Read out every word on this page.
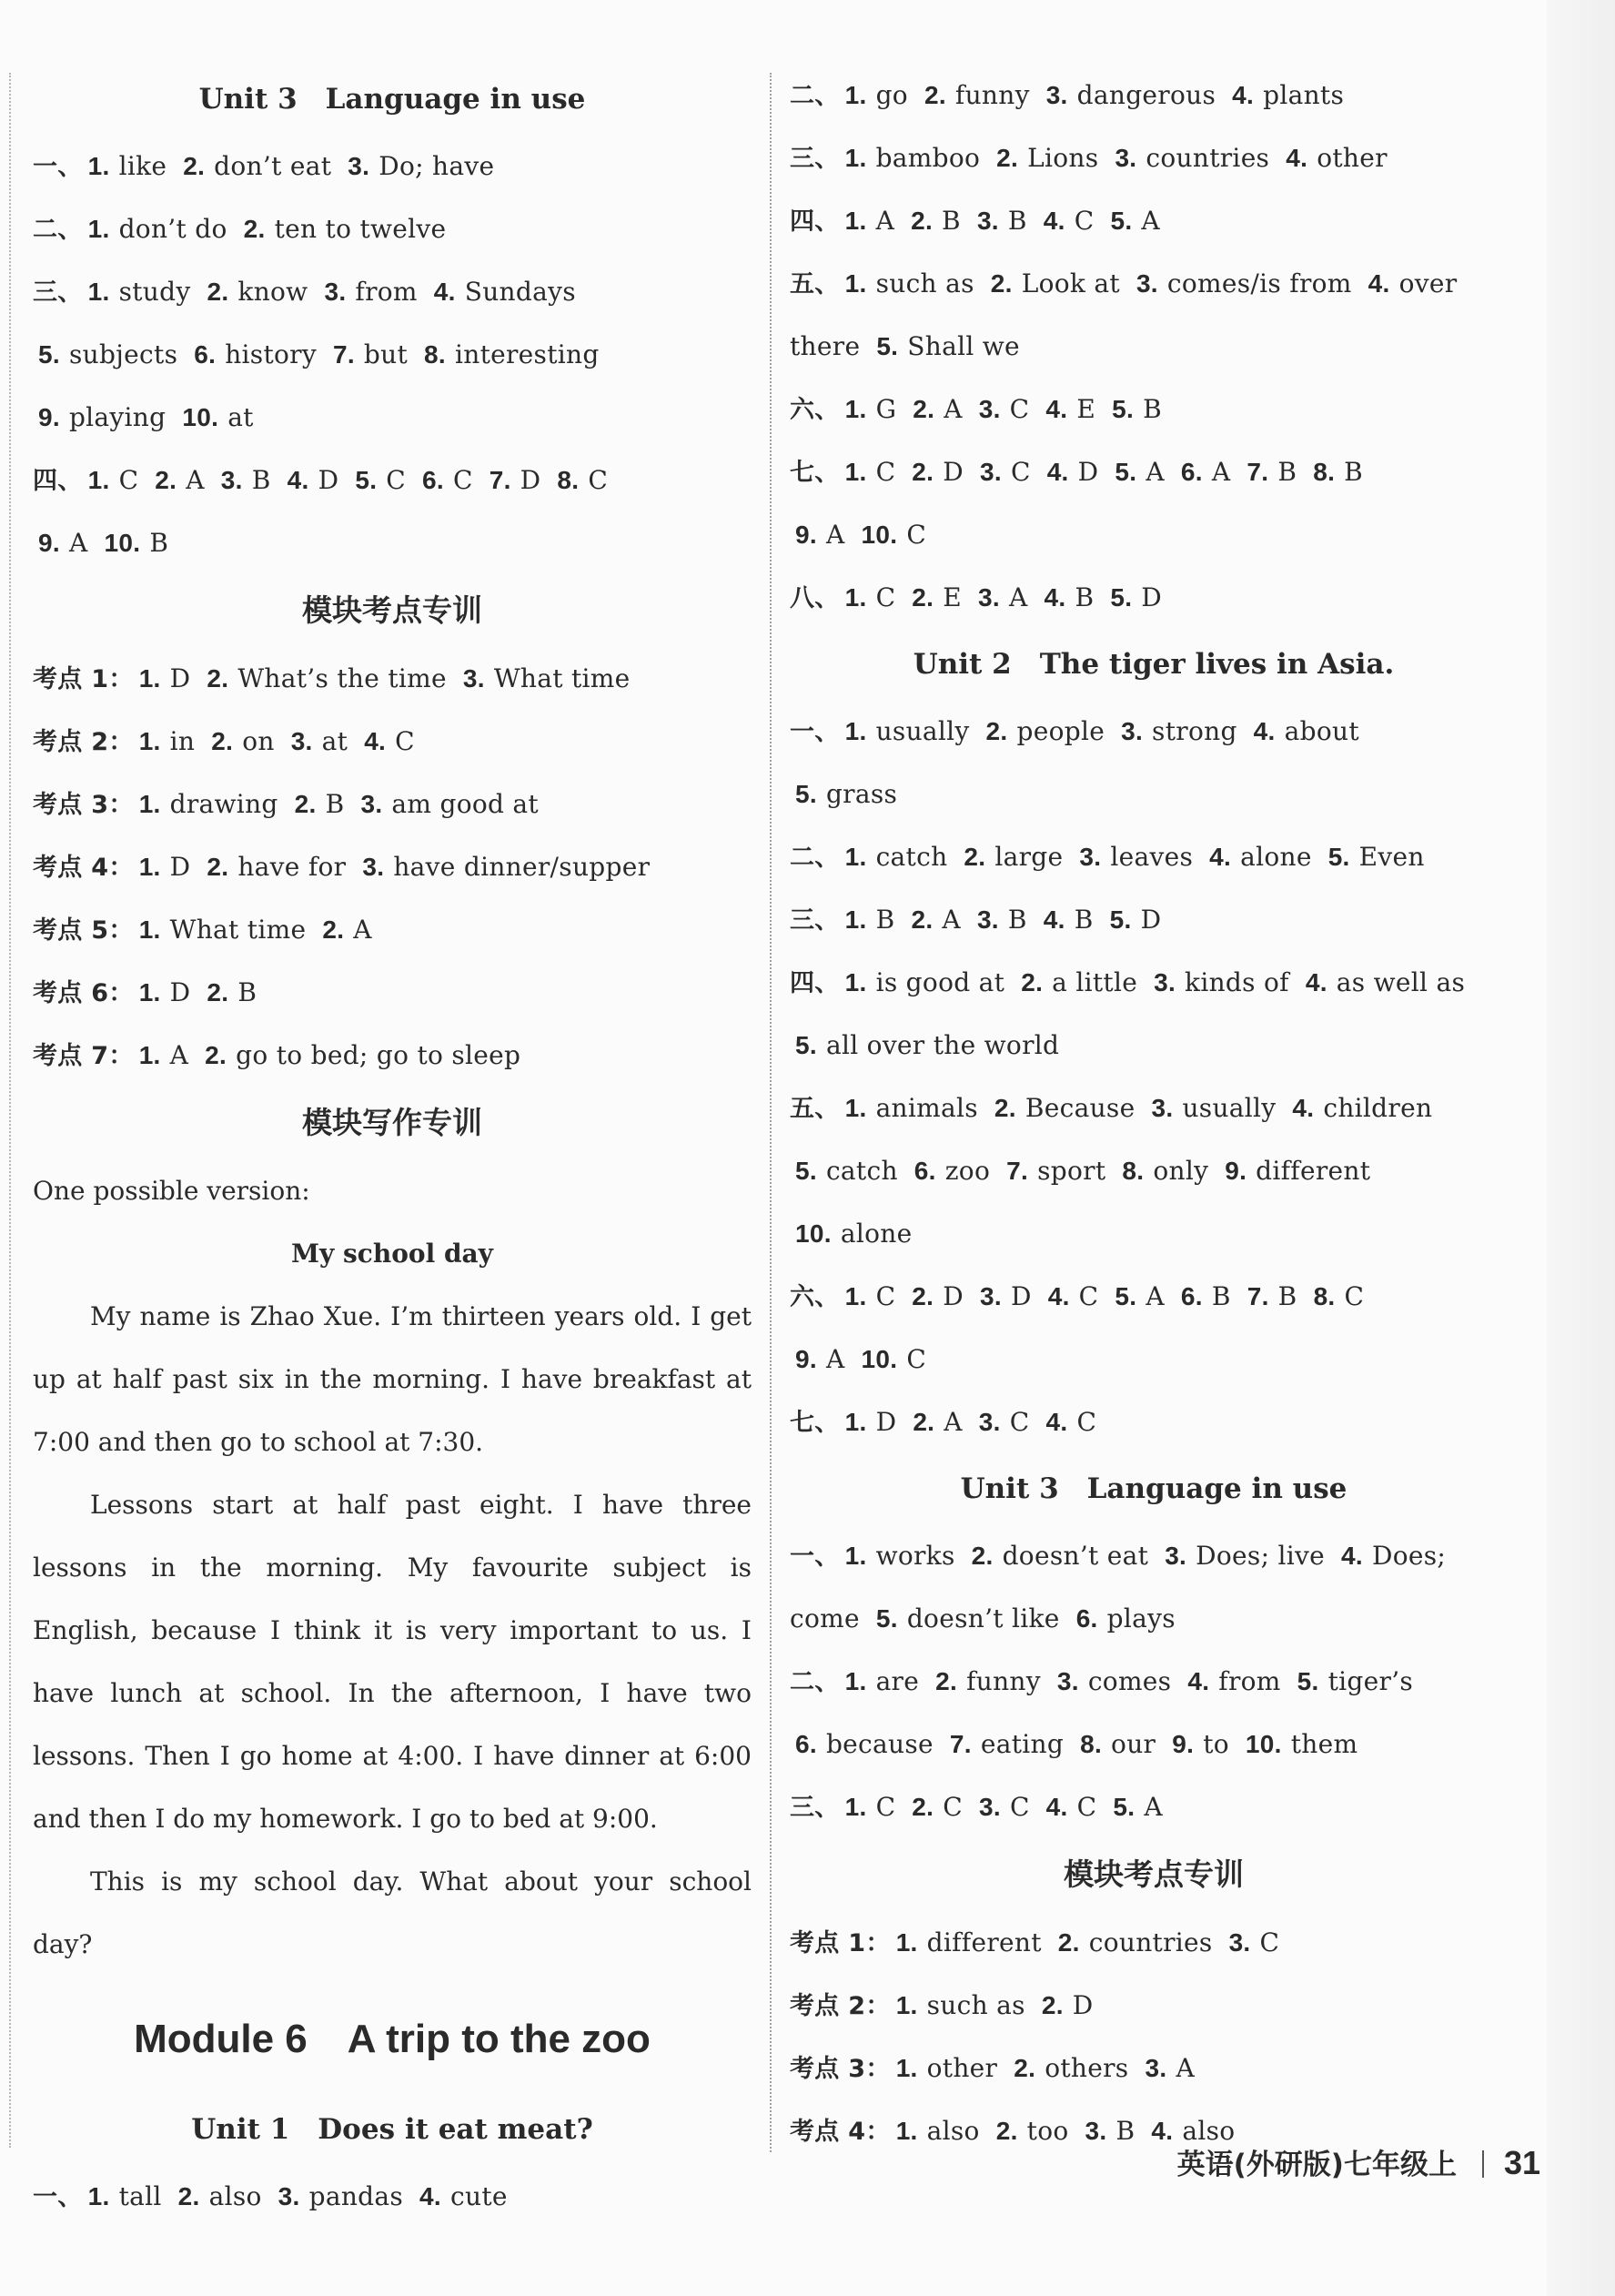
Unit 3　Language in use
一、 1. like 2. don’t eat 3. Do; have
二、 1. don’t do 2. ten to twelve
三、 1. study 2. know 3. from 4. Sundays
5. subjects 6. history 7. but 8. interesting
9. playing 10. at
四、 1. C 2. A 3. B 4. D 5. C 6. C 7. D 8. C
9. A 10. B
模块考点专训
考点 1： 1. D 2. What’s the time 3. What time
考点 2： 1. in 2. on 3. at 4. C
考点 3： 1. drawing 2. B 3. am good at
考点 4： 1. D 2. have for 3. have dinner/supper
考点 5： 1. What time 2. A
考点 6： 1. D 2. B
考点 7： 1. A 2. go to bed; go to sleep
模块写作专训
One possible version:
My school day

My name is Zhao Xue. I’m thirteen years old. I get up at half past six in the morning. I have breakfast at 7:00 and then go to school at 7:30.

Lessons start at half past eight. I have three lessons in the morning. My favourite subject is English, because I think it is very important to us. I have lunch at school. In the afternoon, I have two lessons. Then I go home at 4:00. I have dinner at 6:00 and then I do my homework. I go to bed at 9:00.

This is my school day. What about your school day?

Module 6　A trip to the zoo
Unit 1　Does it eat meat?
一、 1. tall 2. also 3. pandas 4. cute
二、 1. go 2. funny 3. dangerous 4. plants
三、 1. bamboo 2. Lions 3. countries 4. other
四、 1. A 2. B 3. B 4. C 5. A
五、 1. such as 2. Look at 3. comes/is from 4. over
there 5. Shall we
六、 1. G 2. A 3. C 4. E 5. B
七、 1. C 2. D 3. C 4. D 5. A 6. A 7. B 8. B
9. A 10. C
八、 1. C 2. E 3. A 4. B 5. D
Unit 2　The tiger lives in Asia.
一、 1. usually 2. people 3. strong 4. about
5. grass
二、 1. catch 2. large 3. leaves 4. alone 5. Even
三、 1. B 2. A 3. B 4. B 5. D
四、 1. is good at 2. a little 3. kinds of 4. as well as
5. all over the world
五、 1. animals 2. Because 3. usually 4. children
5. catch 6. zoo 7. sport 8. only 9. different
10. alone
六、 1. C 2. D 3. D 4. C 5. A 6. B 7. B 8. C
9. A 10. C
七、 1. D 2. A 3. C 4. C
Unit 3　Language in use
一、 1. works 2. doesn’t eat 3. Does; live 4. Does;
come 5. doesn’t like 6. plays
二、 1. are 2. funny 3. comes 4. from 5. tiger’s
6. because 7. eating 8. our 9. to 10. them
三、 1. C 2. C 3. C 4. C 5. A
模块考点专训
考点 1： 1. different 2. countries 3. C
考点 2： 1. such as 2. D
考点 3： 1. other 2. others 3. A
考点 4： 1. also 2. too 3. B 4. also
英语(外研版)七年级上 31
